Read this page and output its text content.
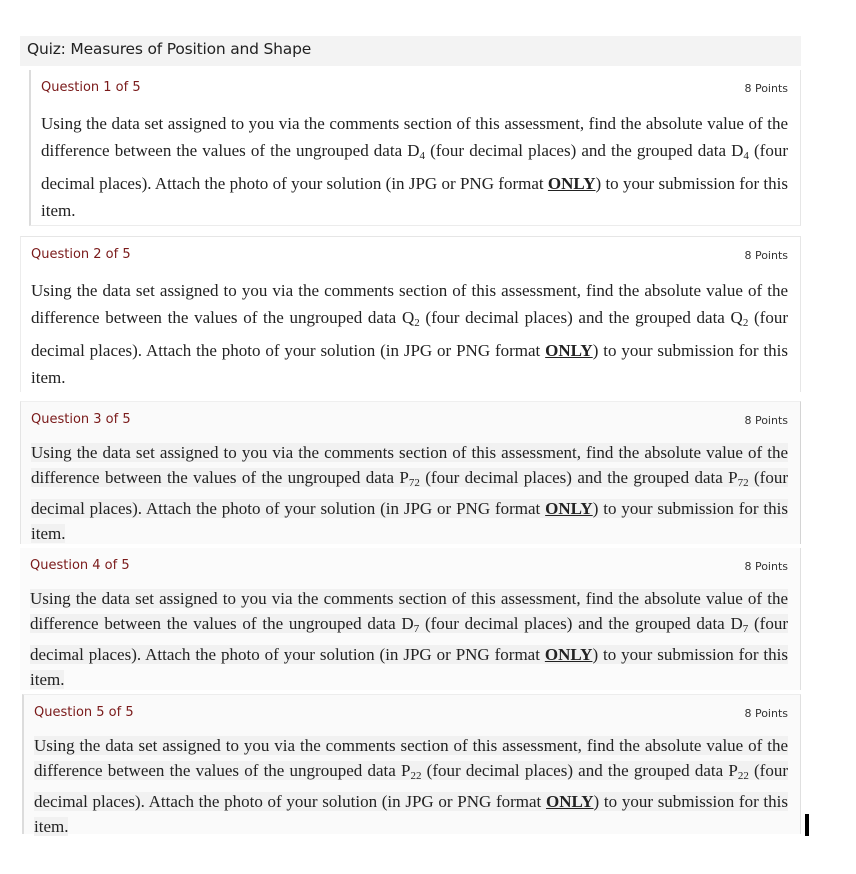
Quiz: Measures of Position and Shape
Question 1 of 5	8 Points

Using the data set assigned to you via the comments section of this assessment, find the absolute value of the difference between the values of the ungrouped data $D_4$ (four decimal places) and the grouped data $D_4$ (four decimal places). Attach the photo of your solution (in JPG or PNG format ONLY) to your submission for this item.

Question 2 of 5	8 Points

Using the data set assigned to you via the comments section of this assessment, find the absolute value of the difference between the values of the ungrouped data $Q_2$ (four decimal places) and the grouped data $Q_2$ (four decimal places). Attach the photo of your solution (in JPG or PNG format ONLY) to your submission for this item.

Question 3 of 5	8 Points

Using the data set assigned to you via the comments section of this assessment, find the absolute value of the difference between the values of the ungrouped data $P_{72}$ (four decimal places) and the grouped data $P_{72}$ (four decimal places). Attach the photo of your solution (in JPG or PNG format ONLY) to your submission for this item.

Question 4 of 5	8 Points

Using the data set assigned to you via the comments section of this assessment, find the absolute value of the difference between the values of the ungrouped data $D_7$ (four decimal places) and the grouped data $D_7$ (four decimal places). Attach the photo of your solution (in JPG or PNG format ONLY) to your submission for this item.

Question 5 of 5	8 Points

Using the data set assigned to you via the comments section of this assessment, find the absolute value of the difference between the values of the ungrouped data $P_{22}$ (four decimal places) and the grouped data $P_{22}$ (four decimal places). Attach the photo of your solution (in JPG or PNG format ONLY) to your submission for this item.
